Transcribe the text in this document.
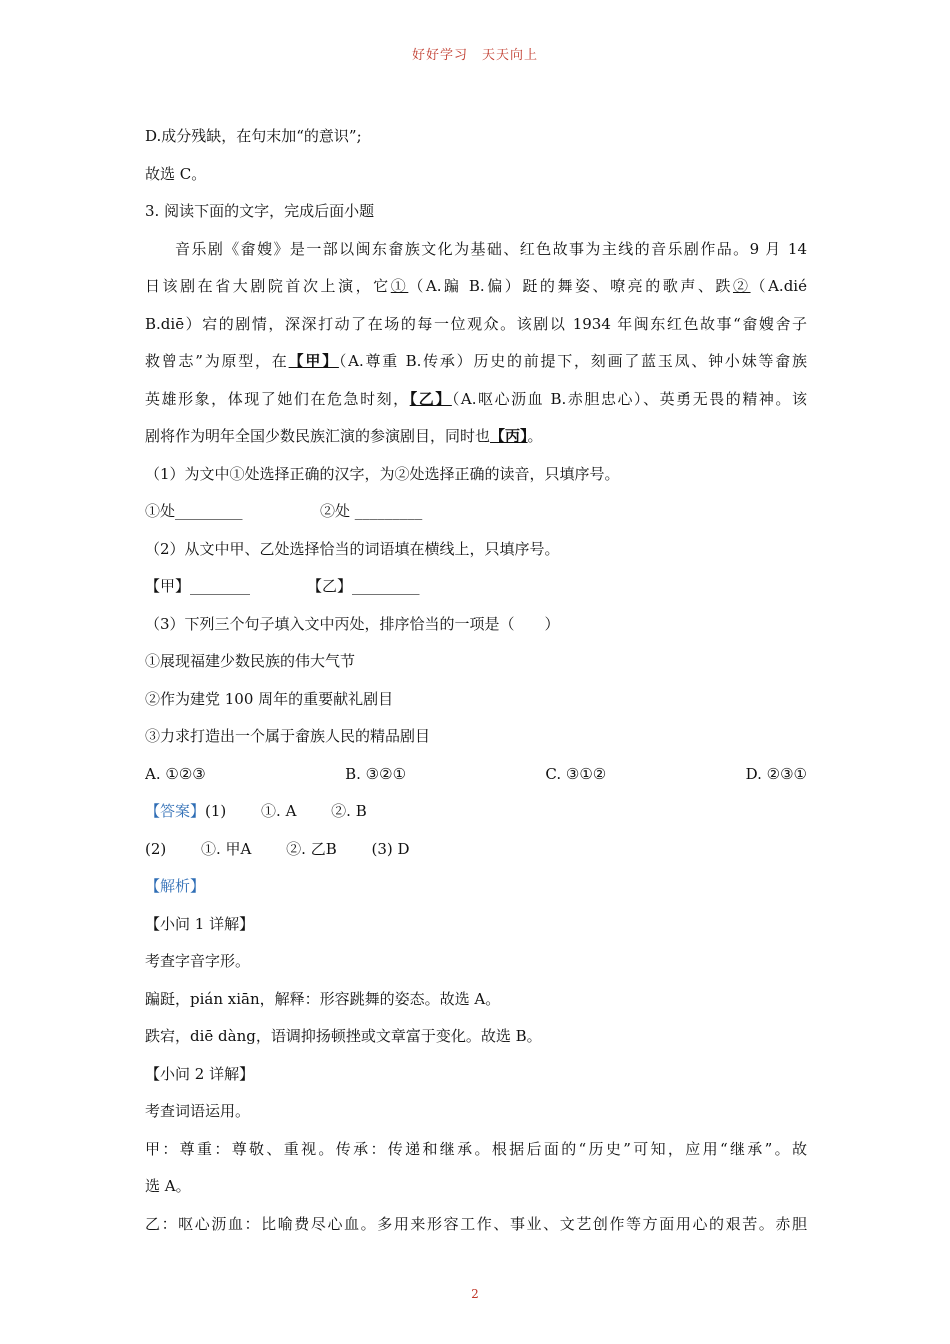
好好学习　天天向上
D.成分残缺，在句末加“的意识”;
故选 C。
3. 阅读下面的文字，完成后面小题
音乐剧《畲嫂》是一部以闽东畲族文化为基础、红色故事为主线的音乐剧作品。9 月 14
日该剧在省大剧院首次上演，它①（A.蹁 B.偏）跹的舞姿、嘹亮的歌声、跌②（A.dié
B.diē）宕的剧情，深深打动了在场的每一位观众。该剧以 1934 年闽东红色故事“畲嫂舍子
救曾志”为原型，在【甲】（A.尊重 B.传承）历史的前提下，刻画了蓝玉凤、钟小妹等畲族
英雄形象，体现了她们在危急时刻，【乙】（A.呕心沥血 B.赤胆忠心）、英勇无畏的精神。该
剧将作为明年全国少数民族汇演的参演剧目，同时也【丙】。
（1）为文中①处选择正确的汉字，为②处选择正确的读音，只填序号。
①处_________	②处 _________
（2）从文中甲、乙处选择恰当的词语填在横线上，只填序号。
【甲】________	【乙】_________
（3）下列三个句子填入文中丙处，排序恰当的一项是（　　）
①展现福建少数民族的伟大气节
②作为建党 100 周年的重要献礼剧目
③力求打造出一个属于畲族人民的精品剧目
A. ①②③	B. ③②①	C. ③①②	D. ②③①
【答案】(1)　　 ①. A　　 ②. B
(2)　　 ①. 甲A　　 ②. 乙B　　 (3) D
【解析】
【小问 1 详解】
考查字音字形。
蹁跹，pián xiān，解释：形容跳舞的姿态。故选 A。
跌宕，diē dàng，语调抑扬顿挫或文章富于变化。故选 B。
【小问 2 详解】
考查词语运用。
甲：尊重：尊敬、重视。传承：传递和继承。根据后面的“历史”可知，应用“继承”。故
选 A。
乙：呕心沥血：比喻费尽心血。多用来形容工作、事业、文艺创作等方面用心的艰苦。赤胆
2
